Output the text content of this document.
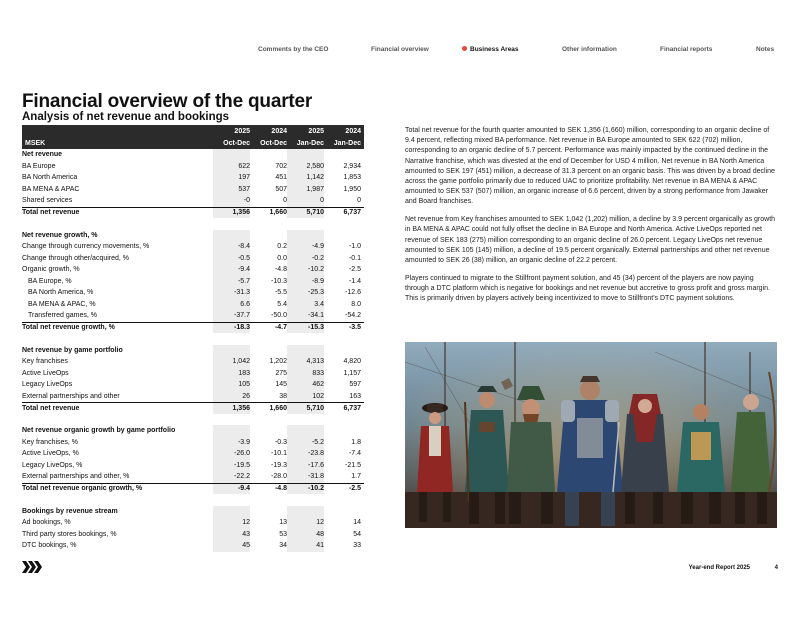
Comments by the CEO	Financial overview	Business Areas	Other information	Financial reports	Notes
Financial overview of the quarter
Analysis of net revenue and bookings
2025	2024	2025	2024
MSEK	Oct-Dec	Oct-Dec	Jan-Dec	Jan-Dec
Net revenue
BA Europe	622	702	2,580	2,934
BA North America	197	451	1,142	1,853
BA MENA & APAC	537	507	1,987	1,950
Shared services	-0	0	0	0
Total net revenue	1,356	1,660	5,710	6,737
Net revenue growth, %
Change through currency movements, %	-8.4	0.2	-4.9	-1.0
Change through other/acquired, %	-0.5	0.0	-0.2	-0.1
Organic growth, %	-9.4	-4.8	-10.2	-2.5
BA Europe, %	-5.7	-10.3	-8.9	-1.4
BA North America, %	-31.3	-5.5	-25.3	-12.6
BA MENA & APAC, %	6.6	5.4	3.4	8.0
Transferred games, %	-37.7	-50.0	-34.1	-54.2
Total net revenue growth, %	-18.3	-4.7	-15.3	-3.5
Net revenue by game portfolio
Key franchises	1,042	1,202	4,313	4,820
Active LiveOps	183	275	833	1,157
Legacy LiveOps	105	145	462	597
External partnerships and other	26	38	102	163
Total net revenue	1,356	1,660	5,710	6,737
Net revenue organic growth by game portfolio
Key franchises, %	-3.9	-0.3	-5.2	1.8
Active LiveOps, %	-26.0	-10.1	-23.8	-7.4
Legacy LiveOps, %	-19.5	-19.3	-17.6	-21.5
External partnerships and other, %	-22.2	-28.0	-31.8	1.7
Total net revenue organic growth, %	-9.4	-4.8	-10.2	-2.5
Bookings by revenue stream
Ad bookings, %	12	13	12	14
Third party stores bookings, %	43	53	48	54
DTC bookings, %	45	34	41	33

Total net revenue for the fourth quarter amounted to SEK 1,356 (1,660) million, corresponding to an organic decline of 9.4 percent, reflecting mixed BA performance. Net revenue in BA Europe amounted to SEK 622 (702) million, corresponding to an organic decline of 5.7 percent. Performance was mainly impacted by the continued decline in the Narrative franchise, which was divested at the end of December for USD 4 million. Net revenue in BA North America amounted to SEK 197 (451) million, a decrease of 31.3 percent on an organic basis. This was driven by a broad decline across the game portfolio primarily due to reduced UAC to prioritize profitability. Net revenue in BA MENA & APAC amounted to SEK 537 (507) million, an organic increase of 6.6 percent, driven by a strong performance from Jawaker and Board franchises.

Net revenue from Key franchises amounted to SEK 1,042 (1,202) million, a decline by 3.9 percent organically as growth in BA MENA & APAC could not fully offset the decline in BA Europe and North America. Active LiveOps reported net revenue of SEK 183 (275) million corresponding to an organic decline of 26.0 percent. Legacy LiveOps net revenue amounted to SEK 105 (145) million, a decline of 19.5 percent organically. External partnerships and other net revenue amounted to SEK 26 (38) million, an organic decline of 22.2 percent.

Players continued to migrate to the Stillfront payment solution, and 45 (34) percent of the players are now paying through a DTC platform which is negative for bookings and net revenue but accretive to gross profit and gross margin. This is primarily driven by players actively being incentivized to move to Stillfront's DTC payment solutions.

Year-end Report 2025	4
